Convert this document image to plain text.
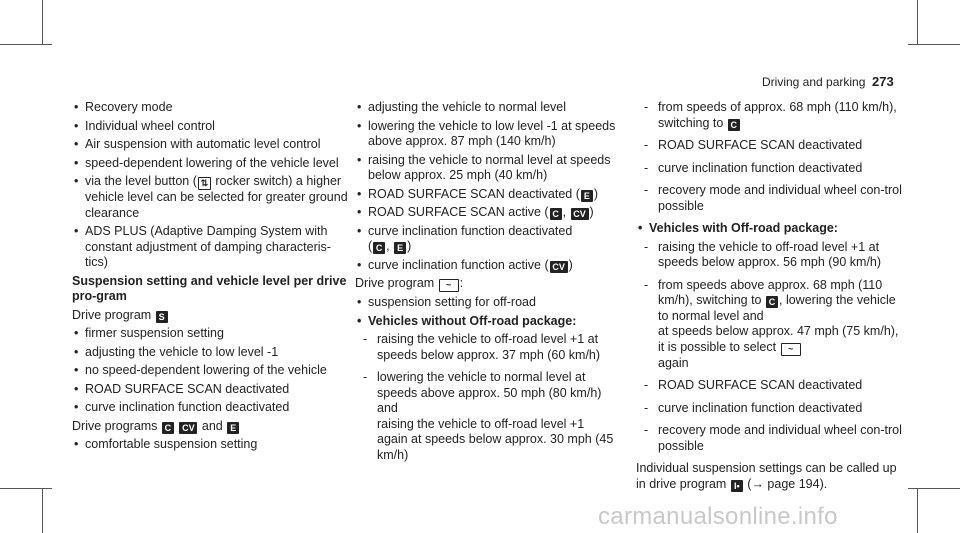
Driving and parking 273
• Recovery mode
• Individual wheel control
• Air suspension with automatic level control
• speed-dependent lowering of the vehicle level
• via the level button ( ⇅ rocker switch) a higher vehicle level can be selected for greater ground clearance
• ADS PLUS (Adaptive Damping System with constant adjustment of damping characteris-tics)
Suspension setting and vehicle level per drive pro-gram
Drive program S
• firmer suspension setting
• adjusting the vehicle to low level -1
• no speed-dependent lowering of the vehicle
• ROAD SURFACE SCAN deactivated
• curve inclination function deactivated
Drive programs C CV and E
• comfortable suspension setting
• adjusting the vehicle to normal level
• lowering the vehicle to low level -1 at speeds above approx. 87 mph (140 km/h)
• raising the vehicle to normal level at speeds below approx. 25 mph (40 km/h)
• ROAD SURFACE SCAN deactivated ( E )
• ROAD SURFACE SCAN active ( C , CV )
• curve inclination function deactivated
( C , E )
• curve inclination function active ( CV )
Drive program ~ :
• suspension setting for off-road
• Vehicles without Off-road package:
- raising the vehicle to off-road level +1 at speeds below approx. 37 mph (60 km/h)
- lowering the vehicle to normal level at speeds above approx. 50 mph (80 km/h) and
raising the vehicle to off-road level +1 again at speeds below approx. 30 mph (45 km/h)
- from speeds of approx. 68 mph (110 km/h), switching to C
- ROAD SURFACE SCAN deactivated
- curve inclination function deactivated
- recovery mode and individual wheel con-trol possible
• Vehicles with Off-road package:
- raising the vehicle to off-road level +1 at speeds below approx. 56 mph (90 km/h)
- from speeds above approx. 68 mph (110 km/h), switching to C , lowering the vehicle to normal level and
at speeds below approx. 47 mph (75 km/h), it is possible to select ~
again
- ROAD SURFACE SCAN deactivated
- curve inclination function deactivated
- recovery mode and individual wheel con-trol possible
Individual suspension settings can be called up in drive program I• (→ page 194).
carmanualsonline.info
